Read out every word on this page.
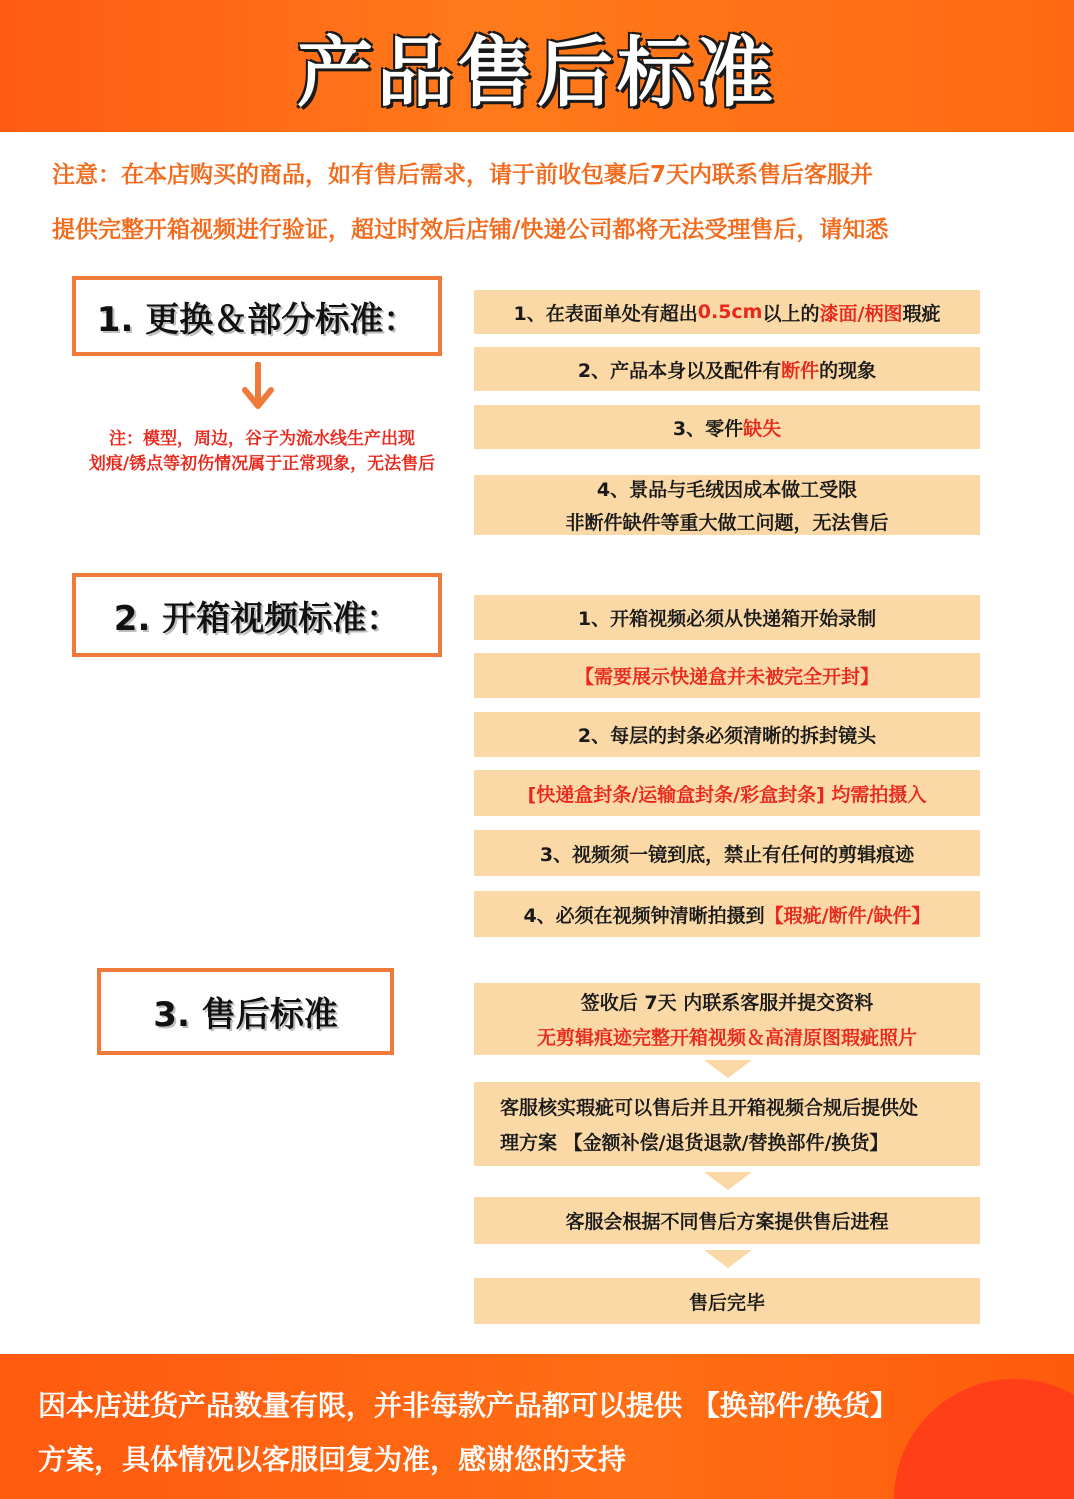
产品售后标准
注意：在本店购买的商品，如有售后需求，请于前收包裹后7天内联系售后客服并
提供完整开箱视频进行验证，超过时效后店铺/快递公司都将无法受理售后，请知悉
1. 更换＆部分标准：
注：模型，周边，谷子为流水线生产出现
划痕/锈点等初伤情况属于正常现象，无法售后
1、在表面单处有超出 0.5cm 以上的 漆面/柄图 瑕疵
2、产品本身以及配件有 断件 的现象
3、零件 缺失
4、景品与毛绒因成本做工受限
非断件缺件等重大做工问题，无法售后
2. 开箱视频标准：	1、开箱视频必须从快递箱开始录制
【需要展示快递盒并未被完全开封】
2、每层的封条必须清晰的拆封镜头
[快递盒封条/运输盒封条/彩盒封条] 均需拍摄入
3、视频须一镜到底，禁止有任何的剪辑痕迹
4、必须在视频钟清晰拍摄到 【瑕疵/断件/缺件】
3. 售后标准	签收后 7天 内联系客服并提交资料
无剪辑痕迹完整开箱视频＆高清原图瑕疵照片
客服核实瑕疵可以售后并且开箱视频合规后提供处
理方案 【金额补偿/退货退款/替换部件/换货】
客服会根据不同售后方案提供售后进程
售后完毕
因本店进货产品数量有限，并非每款产品都可以提供 【换部件/换货】
方案，具体情况以客服回复为准，感谢您的支持
